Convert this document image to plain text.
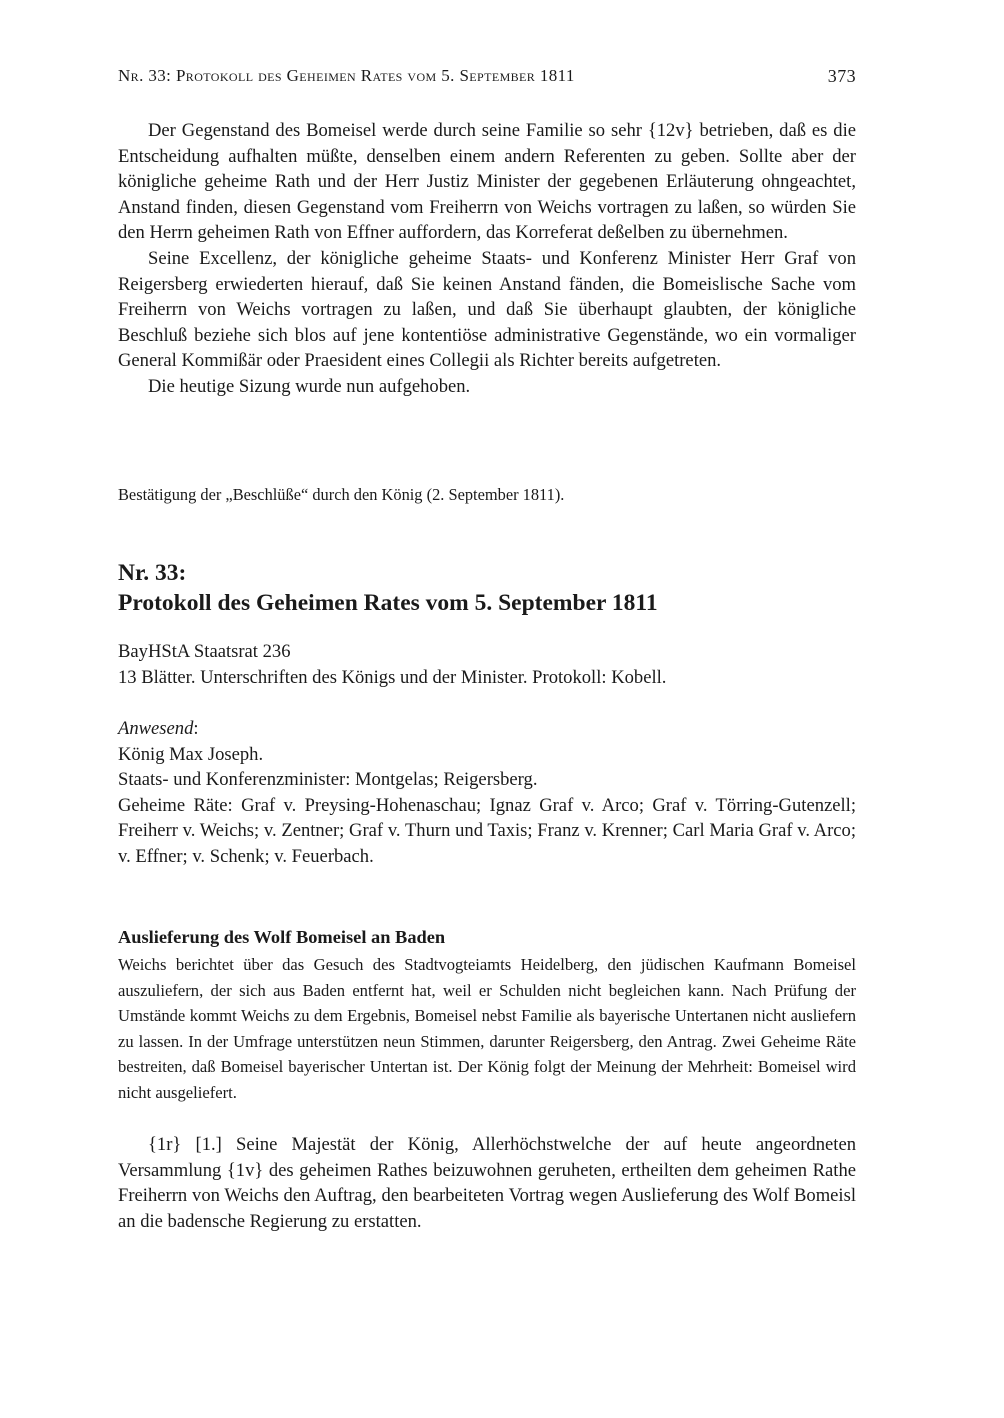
Nr. 33: Protokoll des Geheimen Rates vom 5. September 1811	373

Der Gegenstand des Bomeisel werde durch seine Familie so sehr {12v} betrieben, daß es die Entscheidung aufhalten müßte, denselben einem andern Referenten zu geben. Sollte aber der königliche geheime Rath und der Herr Justiz Minister der gegebenen Erläuterung ohngeachtet, Anstand finden, diesen Gegenstand vom Freiherrn von Weichs vortragen zu laßen, so würden Sie den Herrn geheimen Rath von Effner auffordern, das Korreferat deßelben zu übernehmen.

Seine Excellenz, der königliche geheime Staats- und Konferenz Minister Herr Graf von Reigersberg erwiederten hierauf, daß Sie keinen Anstand fänden, die Bomeislische Sache vom Freiherrn von Weichs vortragen zu laßen, und daß Sie überhaupt glaubten, der königliche Beschluß beziehe sich blos auf jene kontentiöse administrative Gegenstände, wo ein vormaliger General Kommißär oder Praesident eines Collegii als Richter bereits aufgetreten.

Die heutige Sizung wurde nun aufgehoben.

Bestätigung der „Beschlüße“ durch den König (2. September 1811).

Nr. 33:
Protokoll des Geheimen Rates vom 5. September 1811

BayHStA Staatsrat 236
13 Blätter. Unterschriften des Königs und der Minister. Protokoll: Kobell.

Anwesend:
König Max Joseph.
Staats- und Konferenzminister: Montgelas; Reigersberg.

Geheime Räte: Graf v. Preysing-Hohenaschau; Ignaz Graf v. Arco; Graf v. Törring-Gutenzell; Freiherr v. Weichs; v. Zentner; Graf v. Thurn und Taxis; Franz v. Krenner; Carl Maria Graf v. Arco; v. Effner; v. Schenk; v. Feuerbach.

Auslieferung des Wolf Bomeisel an Baden

Weichs berichtet über das Gesuch des Stadtvogteiamts Heidelberg, den jüdischen Kaufmann Bomeisel auszuliefern, der sich aus Baden entfernt hat, weil er Schulden nicht begleichen kann. Nach Prüfung der Umstände kommt Weichs zu dem Ergebnis, Bomeisel nebst Familie als bayerische Untertanen nicht ausliefern zu lassen. In der Umfrage unterstützen neun Stimmen, darunter Reigersberg, den Antrag. Zwei Geheime Räte bestreiten, daß Bomeisel bayerischer Untertan ist. Der König folgt der Meinung der Mehrheit: Bomeisel wird nicht ausgeliefert.

{1r} [1.] Seine Majestät der König, Allerhöchstwelche der auf heute angeordneten Versammlung {1v} des geheimen Rathes beizuwohnen geruheten, ertheilten dem geheimen Rathe Freiherrn von Weichs den Auftrag, den bearbeiteten Vortrag wegen Auslieferung des Wolf Bomeisl an die badensche Regierung zu erstatten.
